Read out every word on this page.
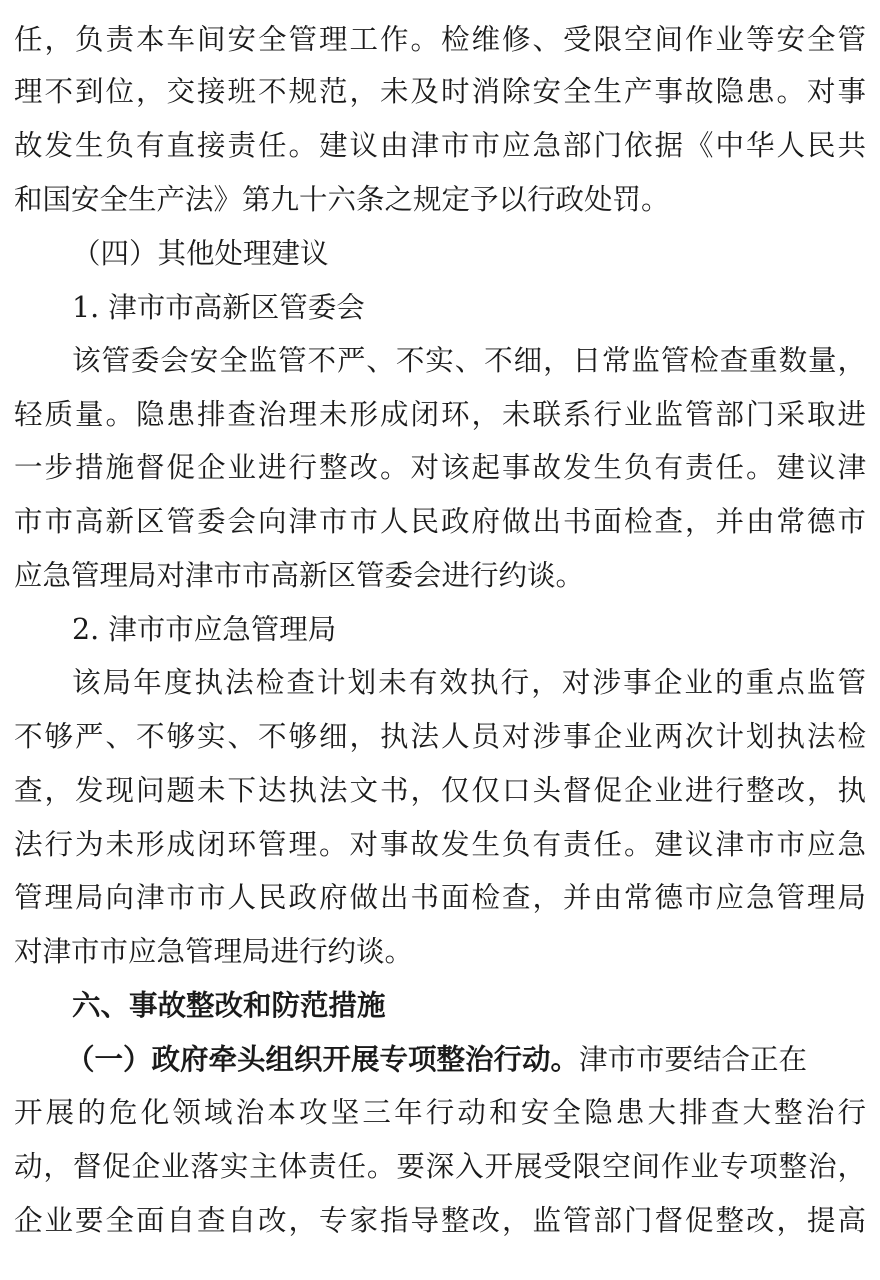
任，负责本车间安全管理工作。检维修、受限空间作业等安全管
理不到位，交接班不规范，未及时消除安全生产事故隐患。对事
故发生负有直接责任。建议由津市市应急部门依据《中华人民共
和国安全生产法》第九十六条之规定予以行政处罚。
（四）其他处理建议
1. 津市市高新区管委会
该管委会安全监管不严、不实、不细，日常监管检查重数量，
轻质量。隐患排查治理未形成闭环，未联系行业监管部门采取进
一步措施督促企业进行整改。对该起事故发生负有责任。建议津
市市高新区管委会向津市市人民政府做出书面检查，并由常德市
应急管理局对津市市高新区管委会进行约谈。
2. 津市市应急管理局
该局年度执法检查计划未有效执行，对涉事企业的重点监管
不够严、不够实、不够细，执法人员对涉事企业两次计划执法检
查，发现问题未下达执法文书，仅仅口头督促企业进行整改，执
法行为未形成闭环管理。对事故发生负有责任。建议津市市应急
管理局向津市市人民政府做出书面检查，并由常德市应急管理局
对津市市应急管理局进行约谈。
六、事故整改和防范措施
（一）政府牵头组织开展专项整治行动。津市市要结合正在
开展的危化领域治本攻坚三年行动和安全隐患大排查大整治行
动，督促企业落实主体责任。要深入开展受限空间作业专项整治，
企业要全面自查自改，专家指导整改，监管部门督促整改，提高
